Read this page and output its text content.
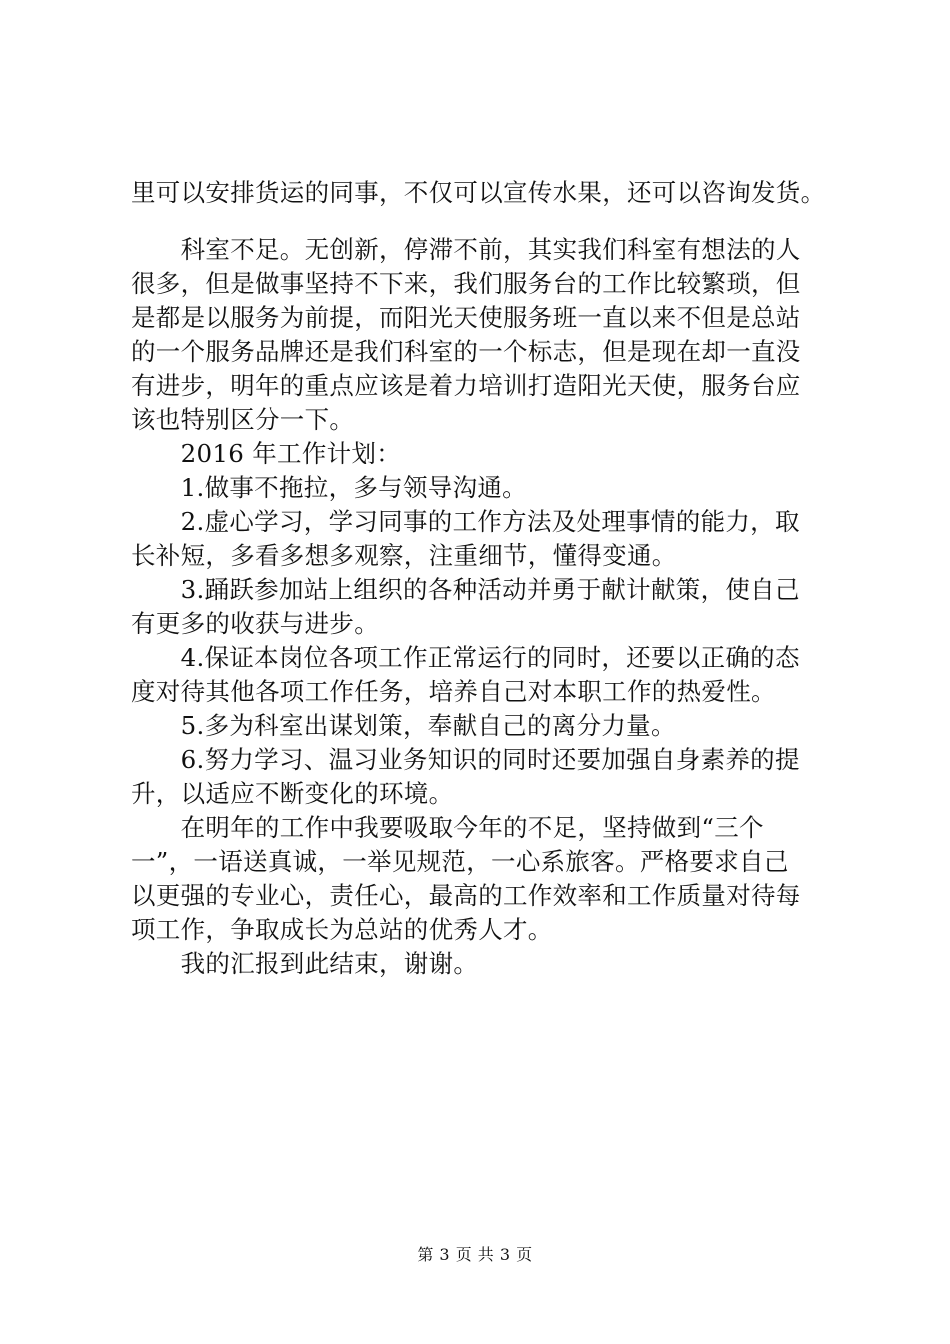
里可以安排货运的同事，不仅可以宣传水果，还可以咨询发货。
　　科室不足。无创新，停滞不前，其实我们科室有想法的人
很多，但是做事坚持不下来，我们服务台的工作比较繁琐，但
是都是以服务为前提，而阳光天使服务班一直以来不但是总站
的一个服务品牌还是我们科室的一个标志，但是现在却一直没
有进步，明年的重点应该是着力培训打造阳光天使，服务台应
该也特别区分一下。
　　2016 年工作计划：
　　1.做事不拖拉，多与领导沟通。
　　2.虚心学习，学习同事的工作方法及处理事情的能力，取
长补短，多看多想多观察，注重细节，懂得变通。
　　3.踊跃参加站上组织的各种活动并勇于献计献策，使自己
有更多的收获与进步。
　　4.保证本岗位各项工作正常运行的同时，还要以正确的态
度对待其他各项工作任务，培养自己对本职工作的热爱性。
　　5.多为科室出谋划策，奉献自己的离分力量。
　　6.努力学习、温习业务知识的同时还要加强自身素养的提
升，以适应不断变化的环境。
　　在明年的工作中我要吸取今年的不足，坚持做到“三个
一”，一语送真诚，一举见规范，一心系旅客。严格要求自己
以更强的专业心，责任心，最高的工作效率和工作质量对待每
项工作，争取成长为总站的优秀人才。
　　我的汇报到此结束，谢谢。
第 3 页 共 3 页
